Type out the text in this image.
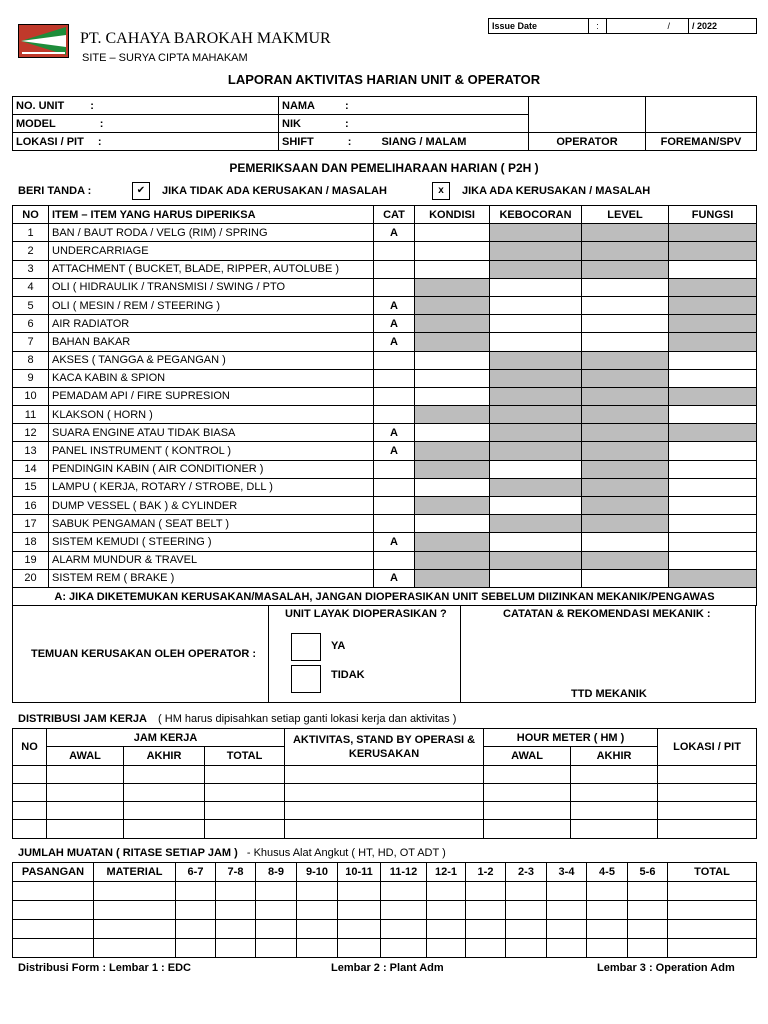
PT. CAHAYA BAROKAH MAKMUR
SITE – SURYA CIPTA MAHAKAM
Issue Date	:	/	/ 2022
LAPORAN AKTIVITAS HARIAN UNIT & OPERATOR
NO. UNIT :	NAMA :		
MODEL :	NIK :		
LOKASI / PIT :	SHIFT : SIANG / MALAM	OPERATOR	FOREMAN/SPV
PEMERIKSAAN DAN PEMELIHARAAN HARIAN ( P2H )
BERI TANDA :	✔	JIKA TIDAK ADA KERUSAKAN / MASALAH	x	JIKA ADA KERUSAKAN / MASALAH
NO	ITEM – ITEM YANG HARUS DIPERIKSA	CAT	KONDISI	KEBOCORAN	LEVEL	FUNGSI
1	BAN / BAUT RODA / VELG (RIM) / SPRING	A				
2	UNDERCARRIAGE					
3	ATTACHMENT ( BUCKET, BLADE, RIPPER, AUTOLUBE )					
4	OLI ( HIDRAULIK / TRANSMISI / SWING / PTO					
5	OLI ( MESIN / REM / STEERING )	A				
6	AIR RADIATOR	A				
7	BAHAN BAKAR	A				
8	AKSES ( TANGGA & PEGANGAN )					
9	KACA KABIN & SPION					
10	PEMADAM API / FIRE SUPRESION					
11	KLAKSON ( HORN )					
12	SUARA ENGINE ATAU TIDAK BIASA	A				
13	PANEL INSTRUMENT ( KONTROL )	A				
14	PENDINGIN KABIN ( AIR CONDITIONER )					
15	LAMPU ( KERJA, ROTARY / STROBE, DLL )					
16	DUMP VESSEL ( BAK ) & CYLINDER					
17	SABUK PENGAMAN ( SEAT BELT )					
18	SISTEM KEMUDI ( STEERING )	A				
19	ALARM MUNDUR & TRAVEL					
20	SISTEM REM ( BRAKE )	A				
A: JIKA DIKETEMUKAN KERUSAKAN/MASALAH, JANGAN DIOPERASIKAN UNIT SEBELUM DIIZINKAN MEKANIK/PENGAWAS						
TEMUAN KERUSAKAN OLEH OPERATOR :
UNIT LAYAK DIOPERASIKAN ?
YA
TIDAK
CATATAN & REKOMENDASI MEKANIK :
TTD MEKANIK
DISTRIBUSI JAM KERJA ( HM harus dipisahkan setiap ganti lokasi kerja dan aktivitas )
NO	JAM KERJA			AKTIVITAS, STAND BY OPERASI & KERUSAKAN	HOUR METER ( HM )		LOKASI / PIT
	AWAL	AKHIR	TOTAL		AWAL	AKHIR	

JUMLAH MUATAN ( RITASE SETIAP JAM ) - Khusus Alat Angkut ( HT, HD, OT ADT )
PASANGAN	MATERIAL	6-7	7-8	8-9	9-10	10-11	11-12	12-1	1-2	2-3	3-4	4-5	5-6	TOTAL

Distribusi Form : Lembar 1 : EDC	Lembar 2 : Plant Adm	Lembar 3 : Operation Adm
